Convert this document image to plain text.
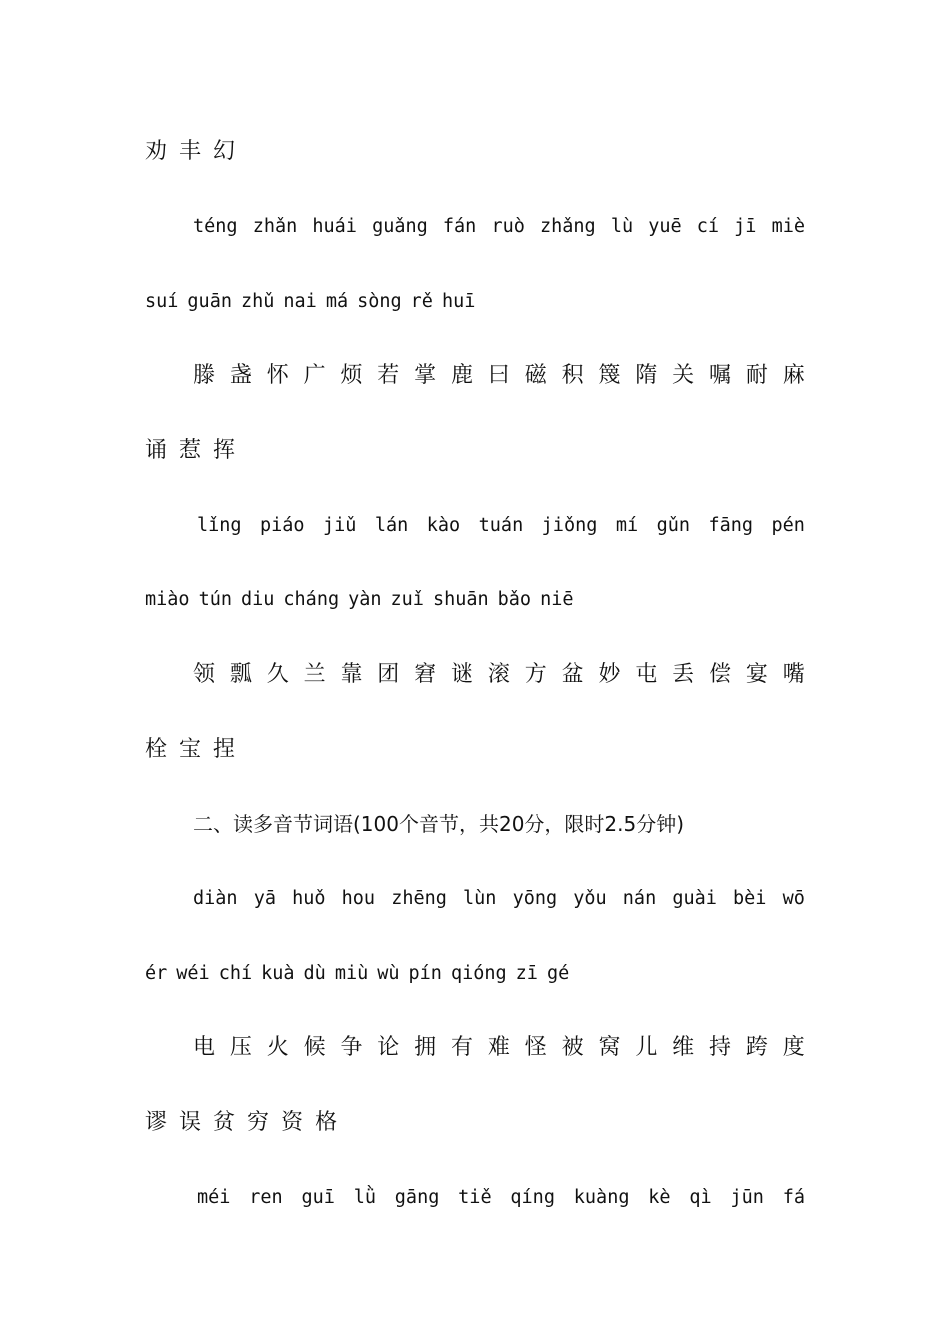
劝 丰 幻
téng zhǎn huái guǎng fán ruò zhǎng lù yuē cí jī miè
suí guān zhǔ nai má sòng rě huī
滕 盏 怀 广 烦 若 掌 鹿 曰 磁 积 篾 隋 关 嘱 耐 麻
诵 惹 挥
lǐng piáo jiǔ lán kào tuán jiǒng mí gǔn fāng pén
miào tún diu cháng yàn zuǐ shuān bǎo niē
领 瓢 久 兰 靠 团 窘 谜 滚 方 盆 妙 屯 丢 偿 宴 嘴
栓 宝 捏
二、读多音节词语(100个音节，共20分，限时2.5分钟)
diàn yā huǒ hou zhēng lùn yōng yǒu nán guài bèi wō
ér wéi chí kuà dù miù wù pín qióng zī gé
电 压 火 候 争 论 拥 有 难 怪 被 窝 儿 维 持 跨 度
谬 误 贫 穷 资 格
méi ren guī lǜ gāng tiě qíng kuàng kè qì jūn fá
